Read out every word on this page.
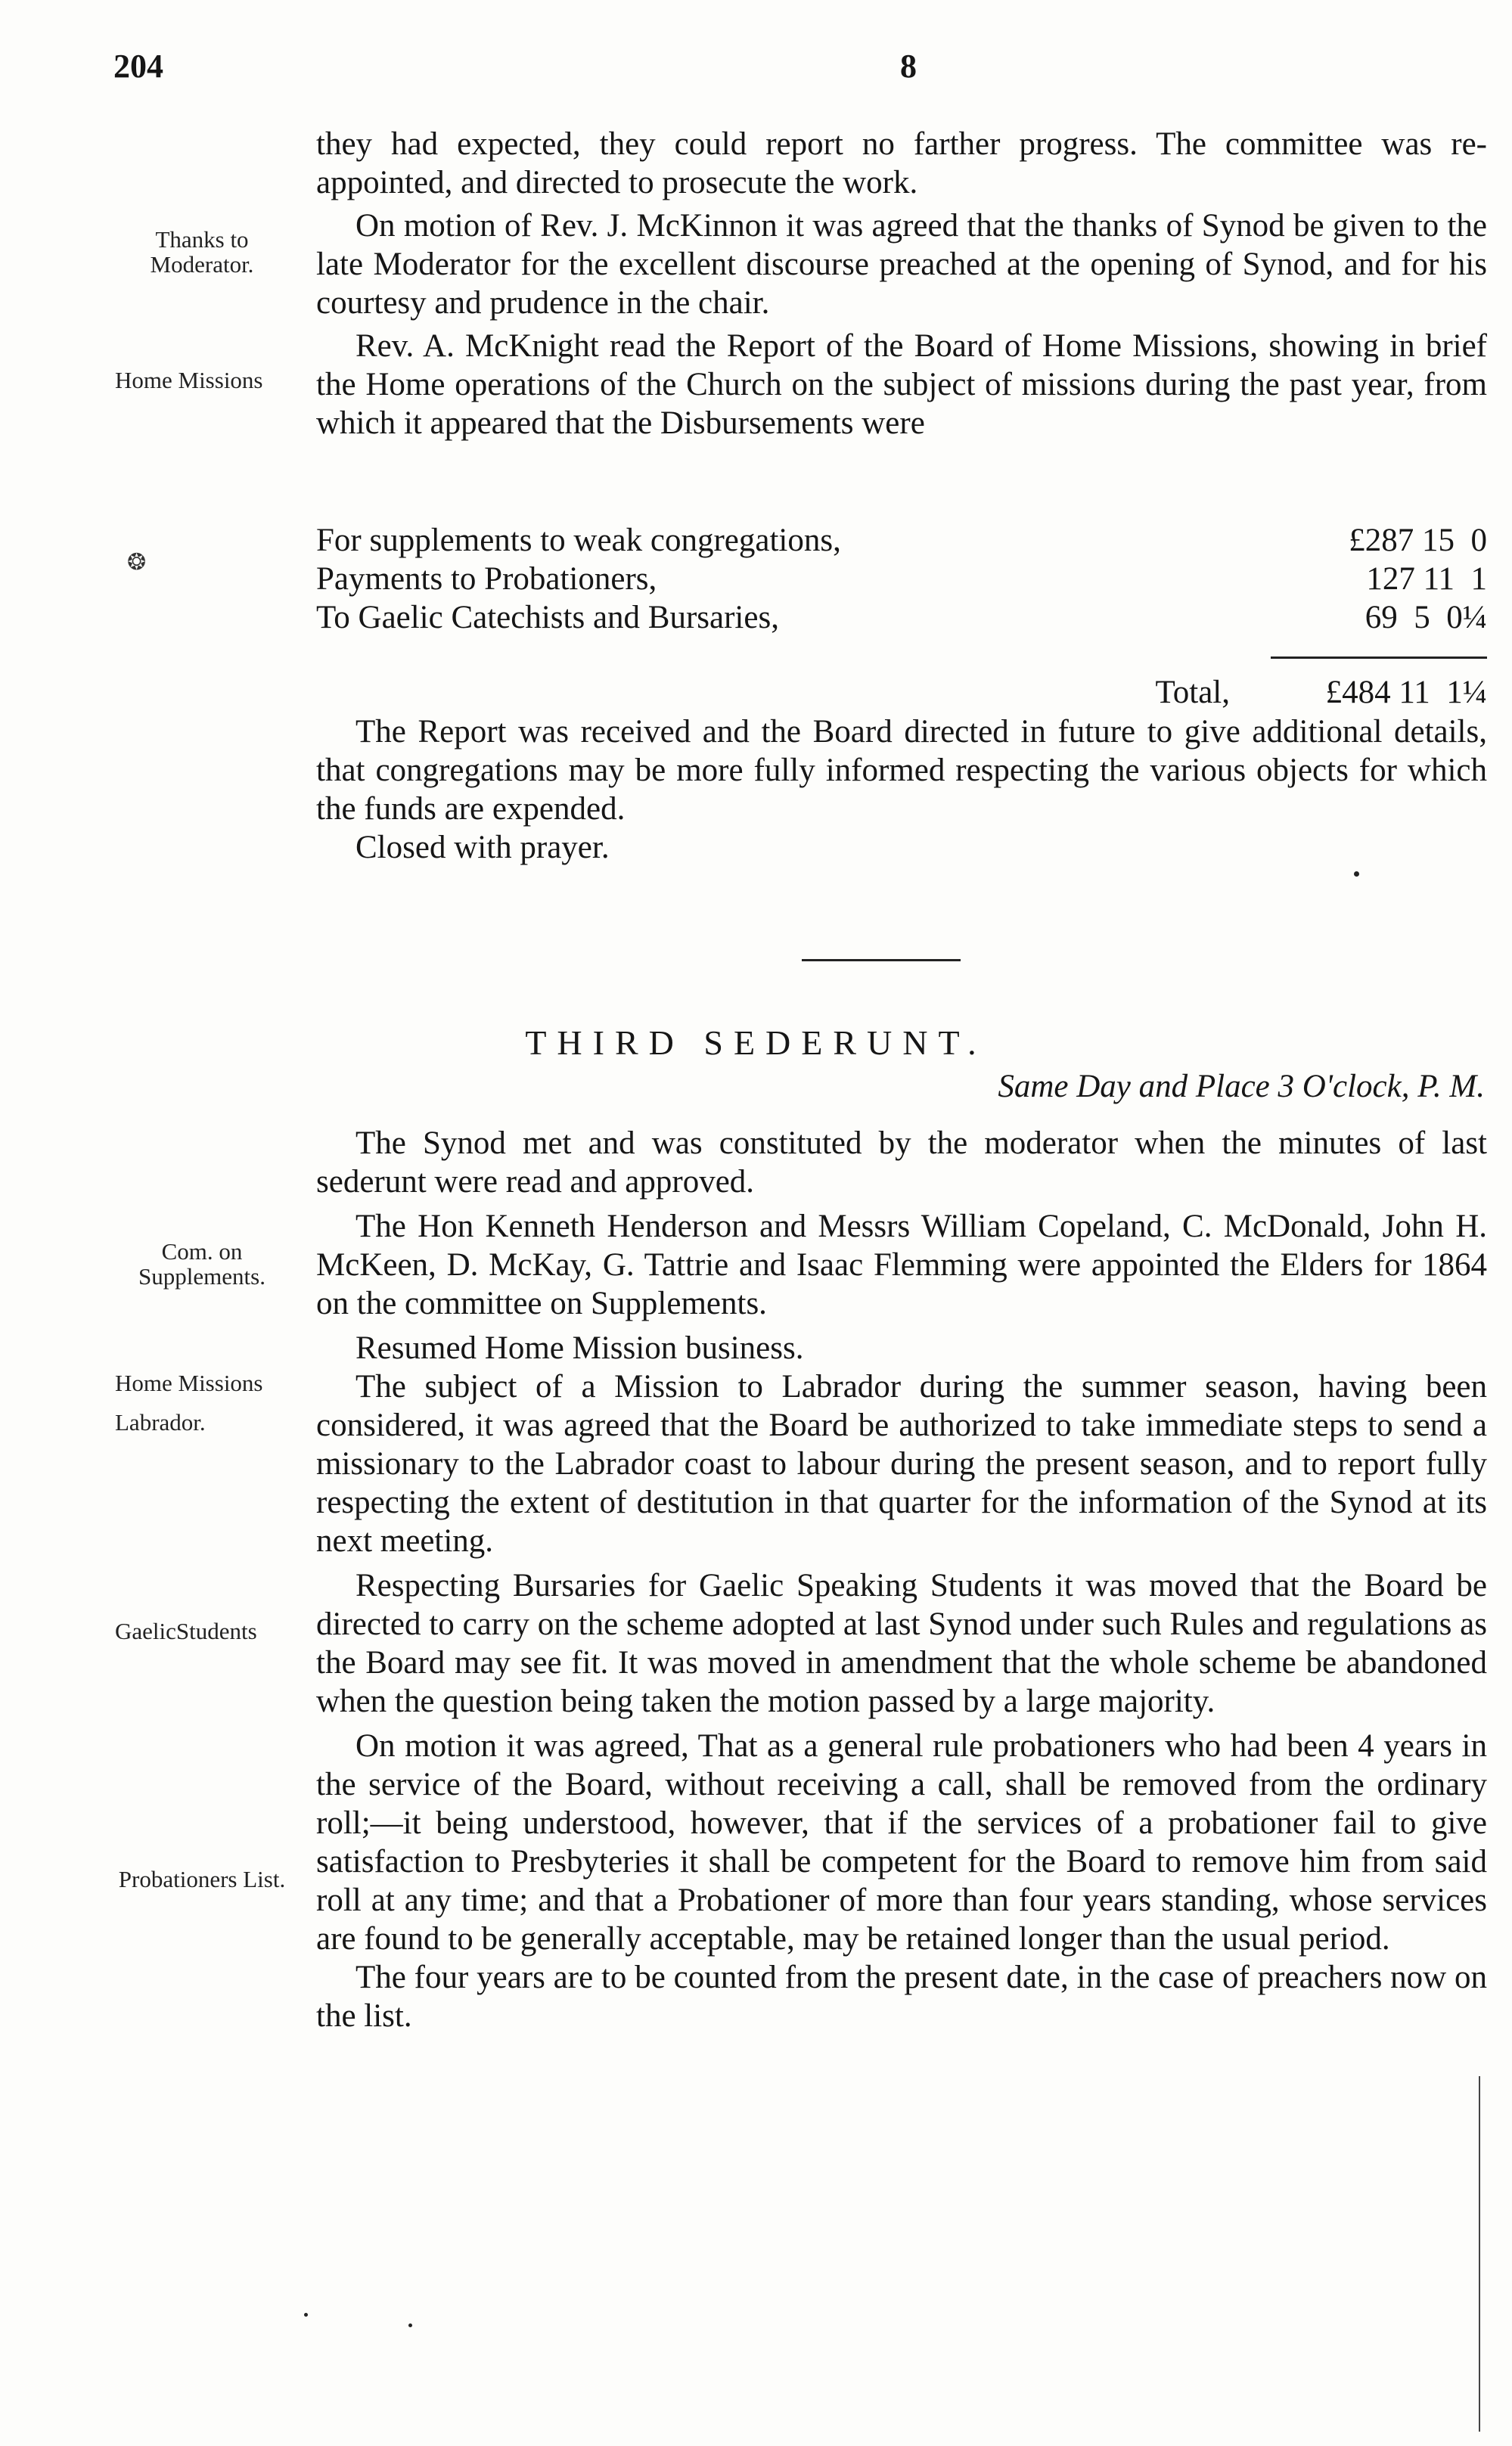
204	8

they had expected, they could report no farther progress. The committee was re-appointed, and directed to prosecute the work.

On motion of Rev. J. McKinnon it was agreed that the thanks of Synod be given to the late Moderator for the excellent discourse preached at the opening of Synod, and for his courtesy and prudence in the chair.

Rev. A. McKnight read the Report of the Board of Home Missions, showing in brief the Home operations of the Church on the subject of missions during the past year, from which it appeared that the Disbursements were

Thanks to Moderator.
Home Missions
❂
For supplements to weak congregations,	£287 15  0
Payments to Probationers,	127 11  1
To Gaelic Catechists and Bursaries,	69  5  0¼
Total,	£484 11  1¼

The Report was received and the Board directed in future to give additional details, that congregations may be more fully informed respecting the various objects for which the funds are expended.

Closed with prayer.

THIRD SEDERUNT.
Same Day and Place 3 O'clock, P. M.

The Synod met and was constituted by the moderator when the minutes of last sederunt were read and approved.

The Hon Kenneth Henderson and Messrs William Copeland, C. McDonald, John H. McKeen, D. McKay, G. Tattrie and Isaac Flemming were appointed the Elders for 1864 on the committee on Supplements.

Resumed Home Mission business.

The subject of a Mission to Labrador during the summer season, having been considered, it was agreed that the Board be authorized to take immediate steps to send a missionary to the Labrador coast to labour during the present season, and to report fully respecting the extent of destitution in that quarter for the information of the Synod at its next meeting.

Respecting Bursaries for Gaelic Speaking Students it was moved that the Board be directed to carry on the scheme adopted at last Synod under such Rules and regulations as the Board may see fit. It was moved in amendment that the whole scheme be abandoned when the question being taken the motion passed by a large majority.

On motion it was agreed, That as a general rule probationers who had been 4 years in the service of the Board, without receiving a call, shall be removed from the ordinary roll;—it being understood, however, that if the services of a probationer fail to give satisfaction to Presbyteries it shall be competent for the Board to remove him from said roll at any time; and that a Probationer of more than four years standing, whose services are found to be generally acceptable, may be retained longer than the usual period.

The four years are to be counted from the present date, in the case of preachers now on the list.

Com. on Supplements.
Home Missions
Labrador.
GaelicStudents
Probationers List.
